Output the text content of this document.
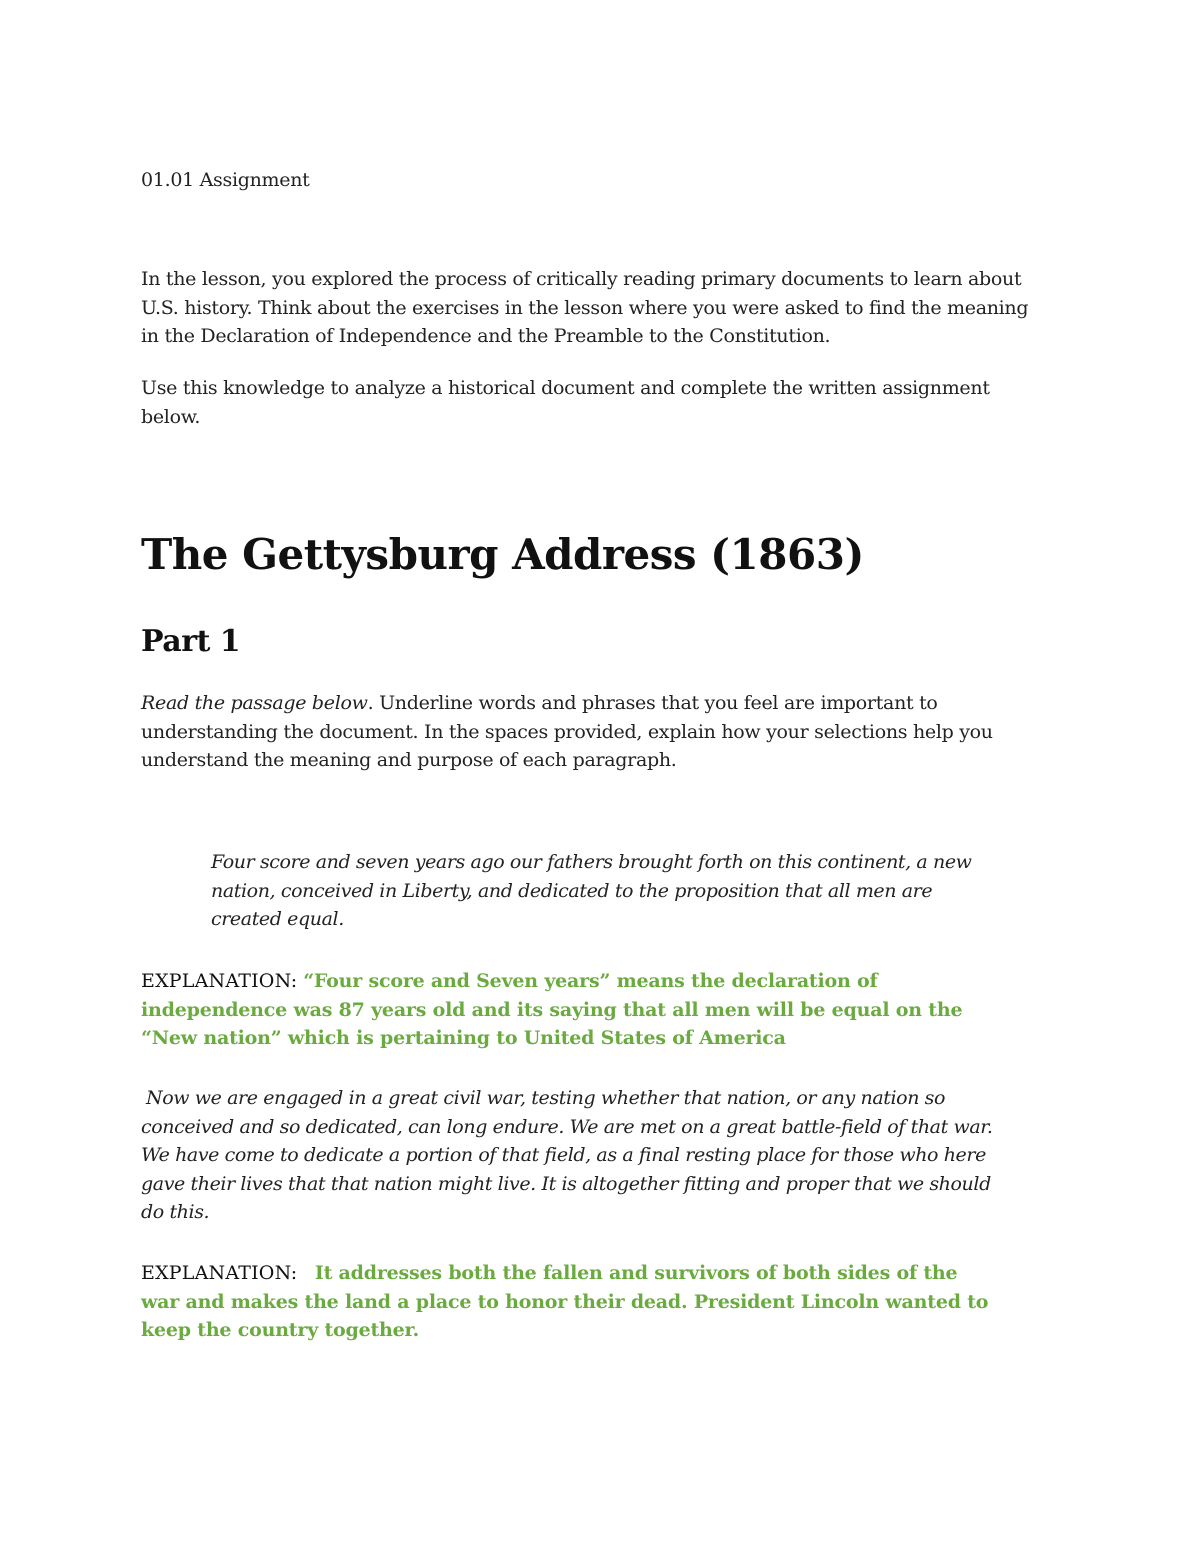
01.01 Assignment

In the lesson, you explored the process of critically reading primary documents to learn about U.S. history. Think about the exercises in the lesson where you were asked to find the meaning in the Declaration of Independence and the Preamble to the Constitution.

Use this knowledge to analyze a historical document and complete the written assignment below.

The Gettysburg Address (1863)
Part 1

Read the passage below. Underline words and phrases that you feel are important to understanding the document. In the spaces provided, explain how your selections help you understand the meaning and purpose of each paragraph.

Four score and seven years ago our fathers brought forth on this continent, a new nation, conceived in Liberty, and dedicated to the proposition that all men are created equal.

EXPLANATION: “Four score and Seven years” means the declaration of independence was 87 years old and its saying that all men will be equal on the “New nation” which is pertaining to United States of America

Now we are engaged in a great civil war, testing whether that nation, or any nation so conceived and so dedicated, can long endure. We are met on a great battle-field of that war. We have come to dedicate a portion of that field, as a final resting place for those who here gave their lives that that nation might live. It is altogether fitting and proper that we should do this.

EXPLANATION: It addresses both the fallen and survivors of both sides of the war and makes the land a place to honor their dead. President Lincoln wanted to keep the country together.
